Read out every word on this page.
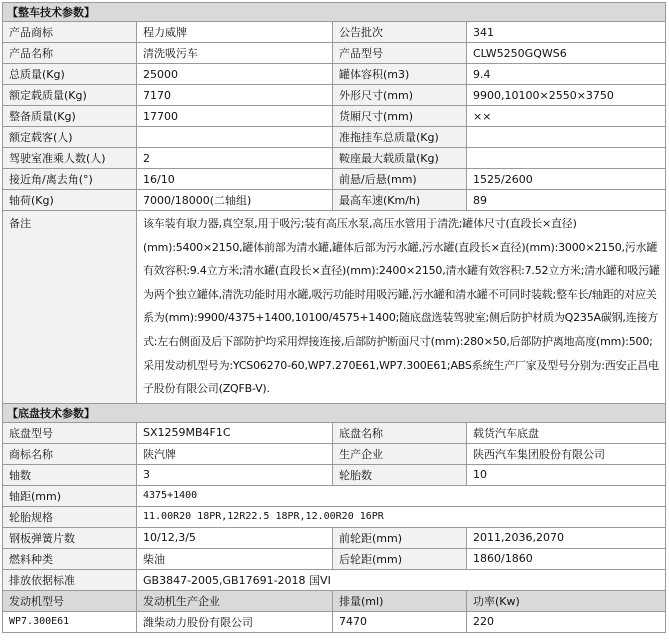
【整车技术参数】			
产品商标	程力威牌	公告批次	341
产品名称	清洗吸污车	产品型号	CLW5250GQWS6
总质量(Kg)	25000	罐体容积(m3)	9.4
额定载质量(Kg)	7170	外形尺寸(mm)	9900,10100×2550×3750
整备质量(Kg)	17700	货厢尺寸(mm)	××
额定载客(人)		准拖挂车总质量(Kg)	
驾驶室准乘人数(人)	2	鞍座最大载质量(Kg)	
接近角/离去角(°)	16/10	前悬/后悬(mm)	1525/2600
轴荷(Kg)	7000/18000(二轴组)	最高车速(Km/h)	89
备注	该车装有取力器,真空泵,用于吸污;装有高压水泵,高压水管用于清洗;罐体尺寸(直段长×直径)(mm):5400×2150,罐体前部为清水罐,罐体后部为污水罐,污水罐(直段长×直径)(mm):3000×2150,污水罐有效容积:9.4立方米;清水罐(直段长×直径)(mm):2400×2150,清水罐有效容积:7.52立方米;清水罐和吸污罐为两个独立罐体,清洗功能时用水罐,吸污功能时用吸污罐,污水罐和清水罐不可同时装载;整车长/轴距的对应关系为(mm):9900/4375+1400,10100/4575+1400;随底盘选装驾驶室;侧后防护材质为Q235A碳钢,连接方式:左右侧面及后下部防护均采用焊接连接,后部防护断面尺寸(mm):280×50,后部防护离地高度(mm):500;采用发动机型号为:YCS06270-60,WP7.270E61,WP7.300E61;ABS系统生产厂家及型号分别为:西安正昌电子股份有限公司(ZQFB-V).		
【底盘技术参数】			
底盘型号	SX1259MB4F1C	底盘名称	载货汽车底盘
商标名称	陕汽牌	生产企业	陕西汽车集团股份有限公司
轴数	3	轮胎数	10
轴距(mm)	4375+1400		
轮胎规格	11.00R20 18PR,12R22.5 18PR,12.00R20 16PR		
钢板弹簧片数	10/12,3/5	前轮距(mm)	2011,2036,2070
燃料种类	柴油	后轮距(mm)	1860/1860
排放依据标准	GB3847-2005,GB17691-2018 国VI		
发动机型号	发动机生产企业	排量(ml)	功率(Kw)
WP7.300E61	潍柴动力股份有限公司	7470	220
